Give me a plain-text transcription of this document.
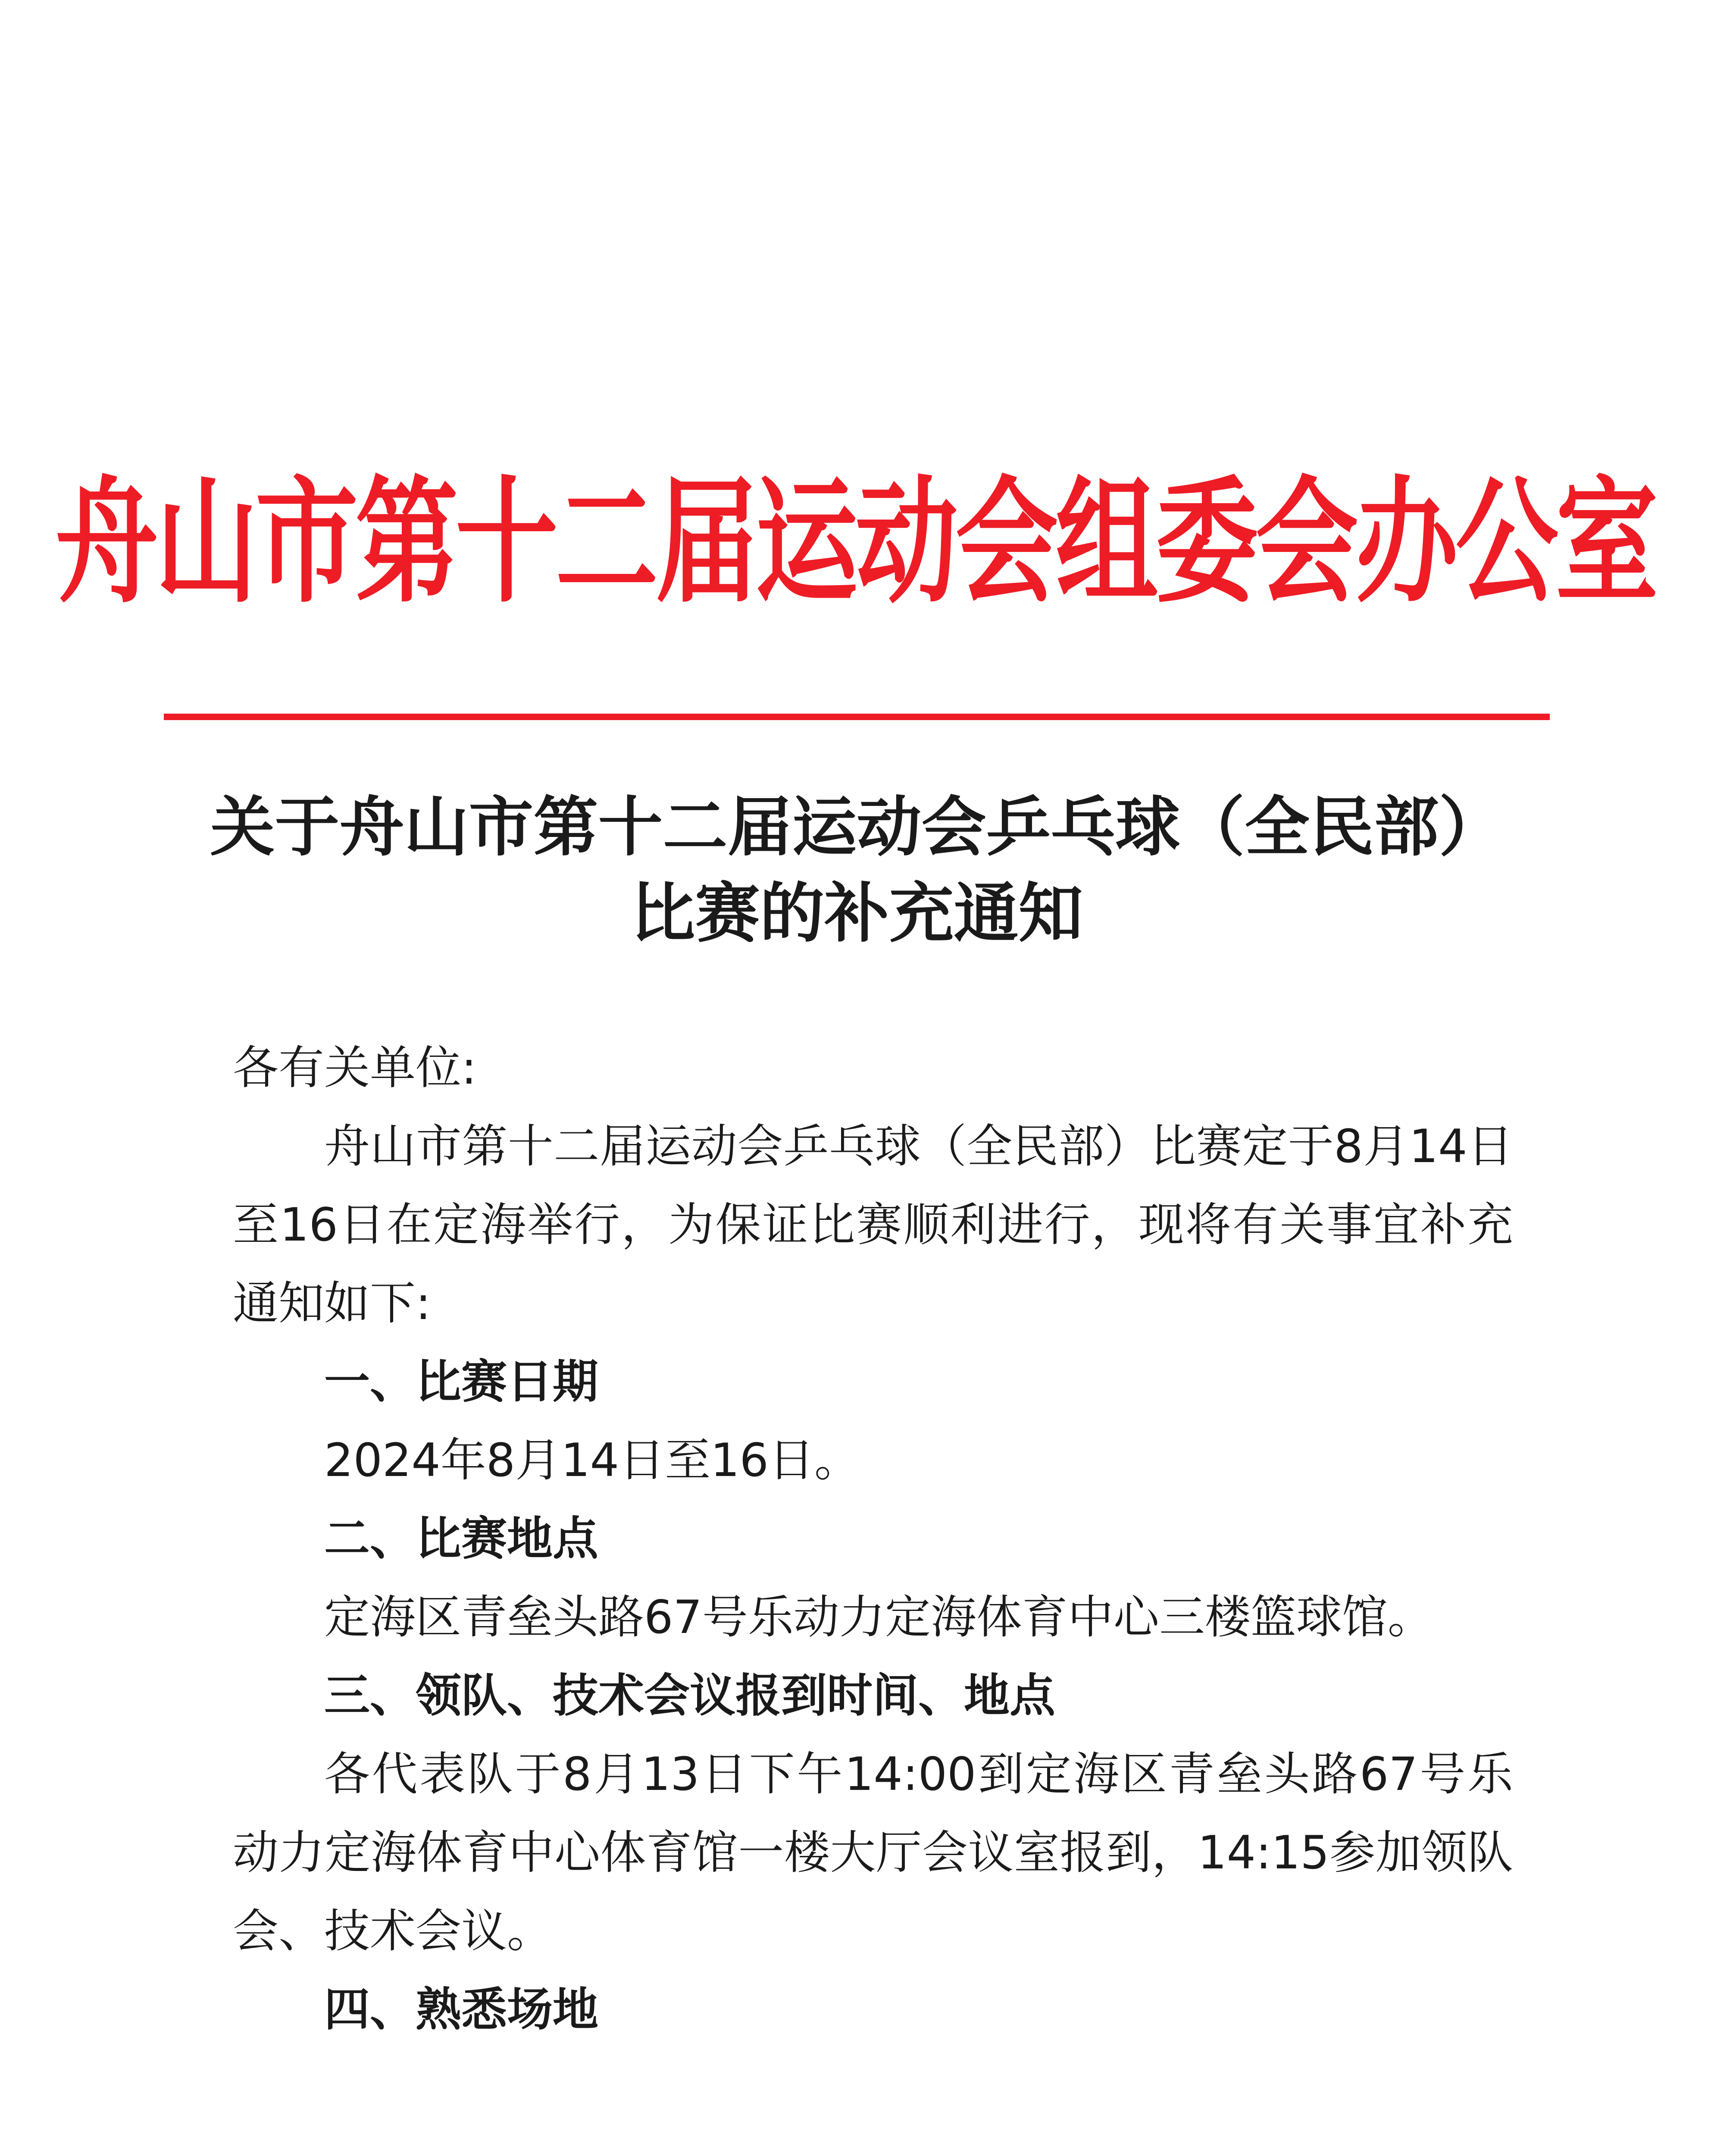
舟山市第十二届运动会组委会办公室
关于舟山市第十二届运动会乒乓球（全民部）
比赛的补充通知

各有关单位:

舟山市第十二届运动会乒乓球（全民部）比赛定于8月14日至16日在定海举行，为保证比赛顺利进行，现将有关事宜补充通知如下:

一、比赛日期

2024年8月14日至16日。

二、比赛地点

定海区青垒头路67号乐动力定海体育中心三楼篮球馆。

三、领队、技术会议报到时间、地点

各代表队于8月13日下午14:00到定海区青垒头路67号乐动力定海体育中心体育馆一楼大厅会议室报到，14:15参加领队会、技术会议。

四、熟悉场地
